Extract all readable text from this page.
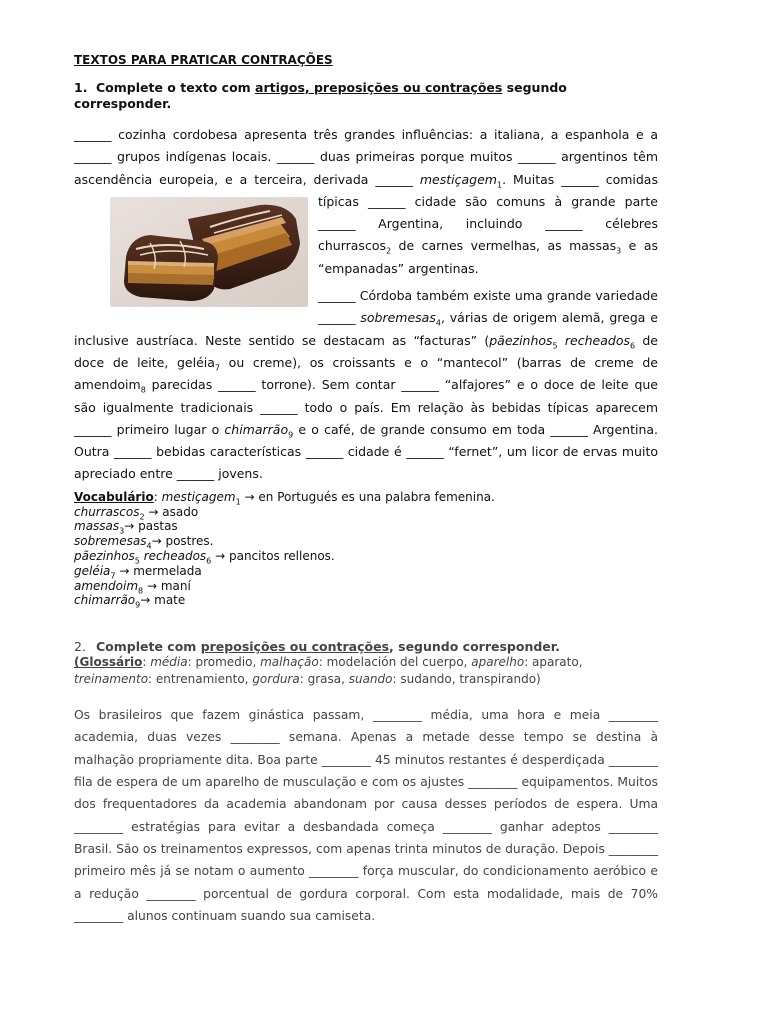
TEXTOS PARA PRATICAR CONTRAÇÕES
1. Complete o texto com artigos, preposições ou contrações segundo corresponder.
______ cozinha cordobesa apresenta três grandes influências: a italiana, a espanhola e a ______ grupos indígenas locais. ______ duas primeiras porque muitos ______ argentinos têm ascendência europeia, e a terceira, derivada ______ mestiçagem$_1$. Muitas ______ comidas típicas ______ cidade são
comuns à grande parte ______ Argentina, incluindo ______ célebres churrascos$_2$ de carnes vermelhas, as massas$_3$ e as “empanadas” argentinas.
______ Córdoba também existe uma grande variedade ______ sobremesas$_4$, várias de origem alemã, grega e inclusive austríaca. Neste sentido se destacam as “facturas” (pãezinhos$_5$ recheados$_6$ de doce de leite, geléia$_7$ ou creme), os croissants e o “mantecol” (barras de creme de amendoim$_8$ parecidas ______ torrone). Sem contar ______ “alfajores” e o doce de leite que são igualmente tradicionais ______ todo o país. Em relação às bebidas típicas aparecem ______ primeiro lugar o chimarrão$_9$ e o café, de grande consumo em toda ______ Argentina. Outra ______ bebidas características ______ cidade é ______ “fernet”, um licor de ervas muito apreciado entre ______ jovens.
Vocabulário: mestiçagem$_1$ → en Portugués es una palabra femenina.
churrascos$_2$ → asado
massas$_3$→ pastas
sobremesas$_4$→ postres.
pãezinhos$_5$ recheados$_6$ → pancitos rellenos.
geléia$_7$ → mermelada
amendoim$_8$ → maní
chimarrão$_9$→ mate
2. Complete com preposições ou contrações, segundo corresponder.
(Glossário: média: promedio, malhação: modelación del cuerpo, aparelho: aparato, treinamento: entrenamiento, gordura: grasa, suando: sudando, transpirando)
Os brasileiros que fazem ginástica passam, ________ média, uma hora e meia ________ academia, duas vezes ________ semana. Apenas a metade desse tempo se destina à malhação propriamente dita. Boa parte ________ 45 minutos restantes é desperdiçada ________ fila de espera de um aparelho de musculação e com os ajustes ________ equipamentos. Muitos dos frequentadores da academia abandonam por causa desses períodos de espera. Uma ________ estratégias para evitar a desbandada começa ________ ganhar adeptos ________ Brasil. São os treinamentos expressos, com apenas trinta minutos de duração. Depois ________ primeiro mês já se notam o aumento ________ força muscular, do condicionamento aeróbico e a redução ________ porcentual de gordura corporal. Com esta modalidade, mais de 70% ________ alunos continuam suando sua camiseta.
